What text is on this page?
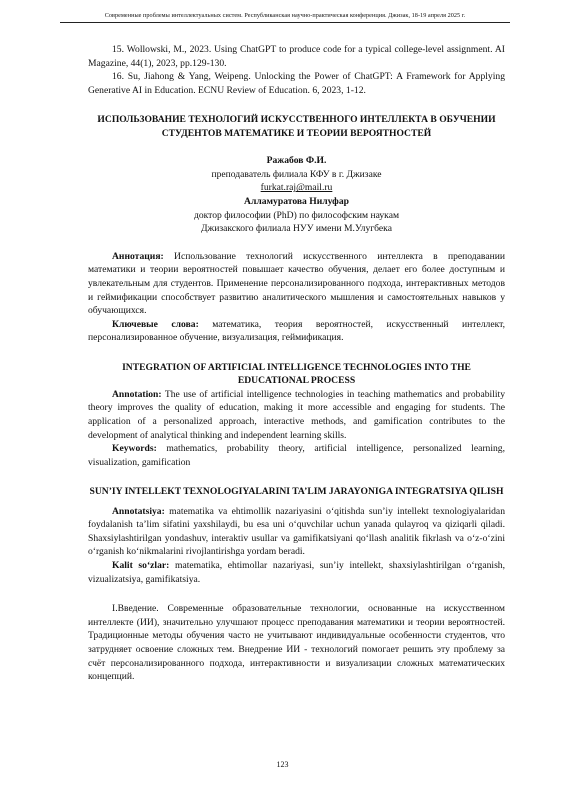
Современные проблемы интеллектуальных систем. Республиканская научно-практическая конференция. Джизак, 18-19 апреля 2025 г.

15. Wollowski, M., 2023. Using ChatGPT to produce code for a typical college-level assignment. AI Magazine, 44(1), 2023, pp.129-130.

16. Su, Jiahong & Yang, Weipeng. Unlocking the Power of ChatGPT: A Framework for Applying Generative AI in Education. ECNU Review of Education. 6, 2023, 1-12.

ИСПОЛЬЗОВАНИЕ ТЕХНОЛОГИЙ ИСКУССТВЕННОГО ИНТЕЛЛЕКТА В ОБУЧЕНИИ СТУДЕНТОВ МАТЕМАТИКЕ И ТЕОРИИ ВЕРОЯТНОСТЕЙ

Ражабов Ф.И.

преподаватель филиала КФУ в г. Джизаке

furkat.raj@mail.ru

Алламуратова Нилуфар

доктор философии (PhD) по философским наукам

Джизакского филиала НУУ имени М.Улугбека

Аннотация: Использование технологий искусственного интеллекта в преподавании математики и теории вероятностей повышает качество обучения, делает его более доступным и увлекательным для студентов. Применение персонализированного подхода, интерактивных методов и геймификации способствует развитию аналитического мышления и самостоятельных навыков у обучающихся.

Ключевые слова: математика, теория вероятностей, искусственный интеллект, персонализированное обучение, визуализация, геймификация.

INTEGRATION OF ARTIFICIAL INTELLIGENCE TECHNOLOGIES INTO THE EDUCATIONAL PROCESS

Annotation: The use of artificial intelligence technologies in teaching mathematics and probability theory improves the quality of education, making it more accessible and engaging for students. The application of a personalized approach, interactive methods, and gamification contributes to the development of analytical thinking and independent learning skills.

Keywords: mathematics, probability theory, artificial intelligence, personalized learning, visualization, gamification

SUN’IY INTELLEKT TEXNOLOGIYALARINI TA’LIM JARAYONIGA INTEGRATSIYA QILISH

Annotatsiya: matematika va ehtimollik nazariyasini o‘qitishda sun’iy intellekt texnologiyalaridan foydalanish ta’lim sifatini yaxshilaydi, bu esa uni o‘quvchilar uchun yanada qulayroq va qiziqarli qiladi. Shaxsiylashtirilgan yondashuv, interaktiv usullar va gamifikatsiyani qo‘llash analitik fikrlash va o‘z-o‘zini o‘rganish ko‘nikmalarini rivojlantirishga yordam beradi.

Kalit so‘zlar: matematika, ehtimollar nazariyasi, sun’iy intellekt, shaxsiylashtirilgan o‘rganish, vizualizatsiya, gamifikatsiya.

I.Введение. Современные образовательные технологии, основанные на искусственном интеллекте (ИИ), значительно улучшают процесс преподавания математики и теории вероятностей. Традиционные методы обучения часто не учитывают индивидуальные особенности студентов, что затрудняет освоение сложных тем. Внедрение ИИ - технологий помогает решить эту проблему за счёт персонализированного подхода, интерактивности и визуализации сложных математических концепций.

123
